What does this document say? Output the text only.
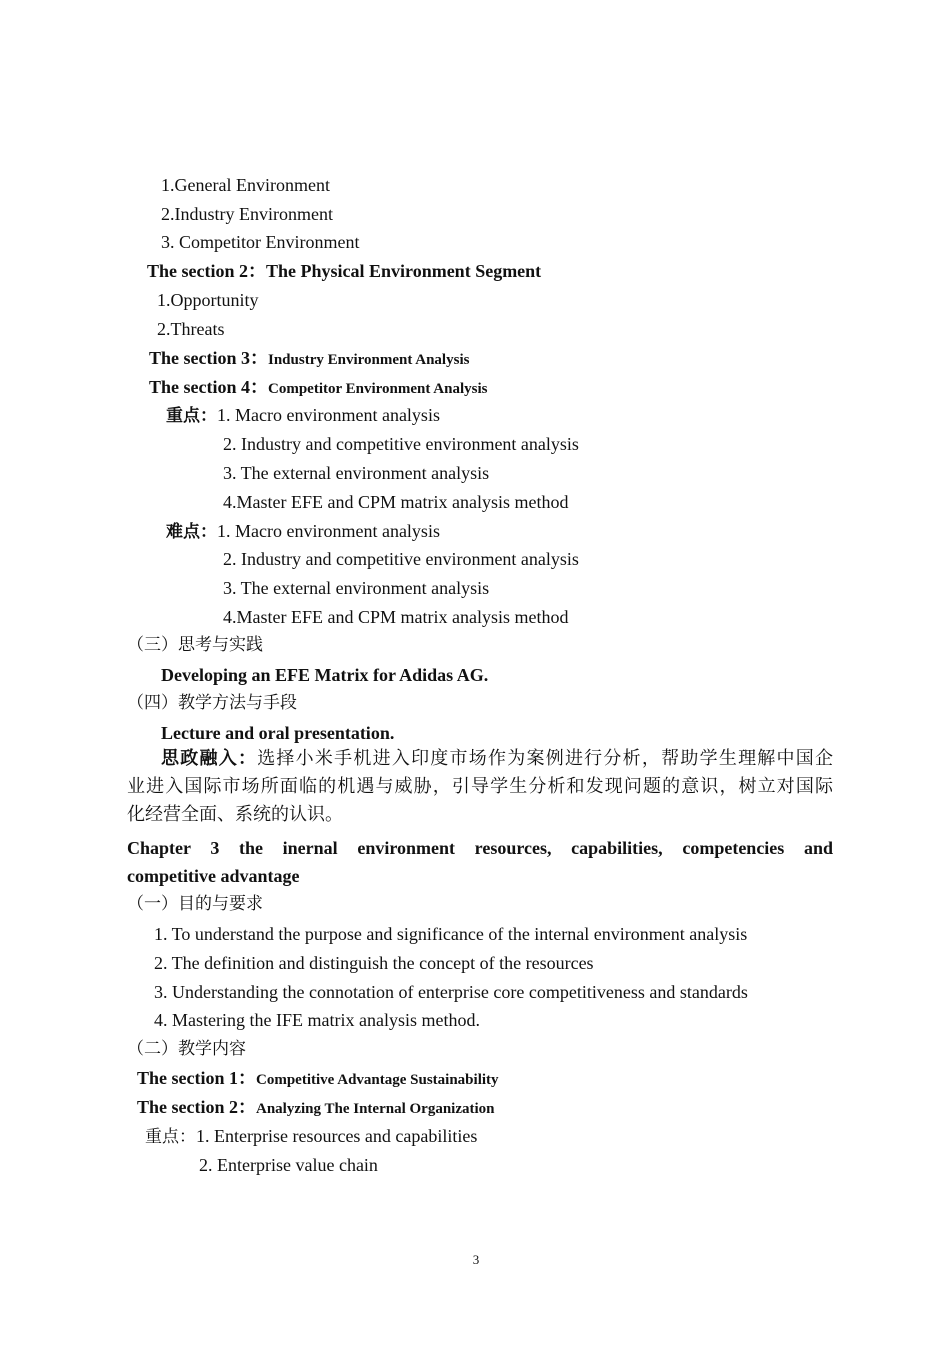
1.General Environment
2.Industry Environment
3. Competitor Environment
The section 2：The Physical Environment Segment
1.Opportunity
2.Threats
The section 3：Industry Environment Analysis
The section 4：Competitor Environment Analysis
重点：1. Macro environment analysis
2. Industry and competitive environment analysis
3. The external environment analysis
4.Master EFE and CPM matrix analysis method
难点：1. Macro environment analysis
2. Industry and competitive environment analysis
3. The external environment analysis
4.Master EFE and CPM matrix analysis method
（三）思考与实践
Developing an EFE Matrix for Adidas AG.
（四）教学方法与手段
Lecture and oral presentation.
思政融入：选择小米手机进入印度市场作为案例进行分析，帮助学生理解中国企
业进入国际市场所面临的机遇与威胁，引导学生分析和发现问题的意识，树立对国际
化经营全面、系统的认识。
Chapter 3 the inernal environment resources, capabilities, competencies and
competitive advantage
（一）目的与要求
1. To understand the purpose and significance of the internal environment analysis
2. The definition and distinguish the concept of the resources
3. Understanding the connotation of enterprise core competitiveness and standards
4. Mastering the IFE matrix analysis method.
（二）教学内容
The section 1：Competitive Advantage Sustainability
The section 2：Analyzing The Internal Organization
重点：1. Enterprise resources and capabilities
2. Enterprise value chain
3
